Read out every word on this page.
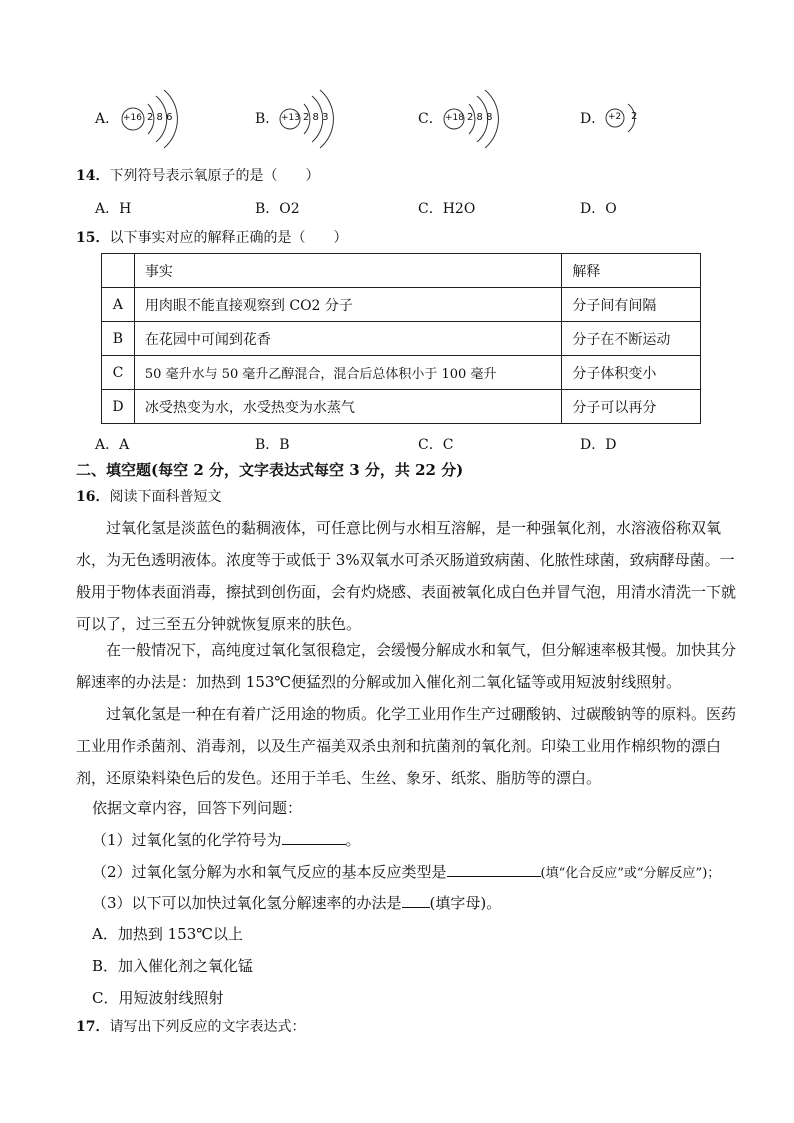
A． +16 2 8 6	B． +13 2 8 3	C． +18 2 8 8	D． +2 2
14．下列符号表示氧原子的是（　　）
A．H	B．O2	C．H2O	D．O
15．以下事实对应的解释正确的是（　　）
	事实	解释
A	用肉眼不能直接观察到 CO2 分子	分子间有间隔
B	在花园中可闻到花香	分子在不断运动
C	50 毫升水与 50 毫升乙醇混合，混合后总体积小于 100 毫升	分子体积变小
D	冰受热变为水，水受热变为水蒸气	分子可以再分
A．A	B．B	C．C	D．D
二、填空题(每空 2 分，文字表达式每空 3 分，共 22 分)
16．阅读下面科普短文
过氧化氢是淡蓝色的黏稠液体，可任意比例与水相互溶解，是一种强氧化剂，水溶液俗称双氧水，为无色透明液体。浓度等于或低于 3%双氧水可杀灭肠道致病菌、化脓性球菌，致病酵母菌。一般用于物体表面消毒，擦拭到创伤面，会有灼烧感、表面被氧化成白色并冒气泡，用清水清洗一下就可以了，过三至五分钟就恢复原来的肤色。
在一般情况下，高纯度过氧化氢很稳定，会缓慢分解成水和氧气，但分解速率极其慢。加快其分解速率的办法是：加热到 153℃便猛烈的分解或加入催化剂二氧化锰等或用短波射线照射。
过氧化氢是一种在有着广泛用途的物质。化学工业用作生产过硼酸钠、过碳酸钠等的原料。医药工业用作杀菌剂、消毒剂，以及生产福美双杀虫剂和抗菌剂的氧化剂。印染工业用作棉织物的漂白剂，还原染料染色后的发色。还用于羊毛、生丝、象牙、纸浆、脂肪等的漂白。
依据文章内容，回答下列问题：
（1）过氧化氢的化学符号为	。
（2）过氧化氢分解为水和氧气反应的基本反应类型是	(填“化合反应”或“分解反应”)；
（3）以下可以加快过氧化氢分解速率的办法是 (填字母)。
A．加热到 153℃以上
B．加入催化剂之氧化锰
C．用短波射线照射
17．请写出下列反应的文字表达式：
